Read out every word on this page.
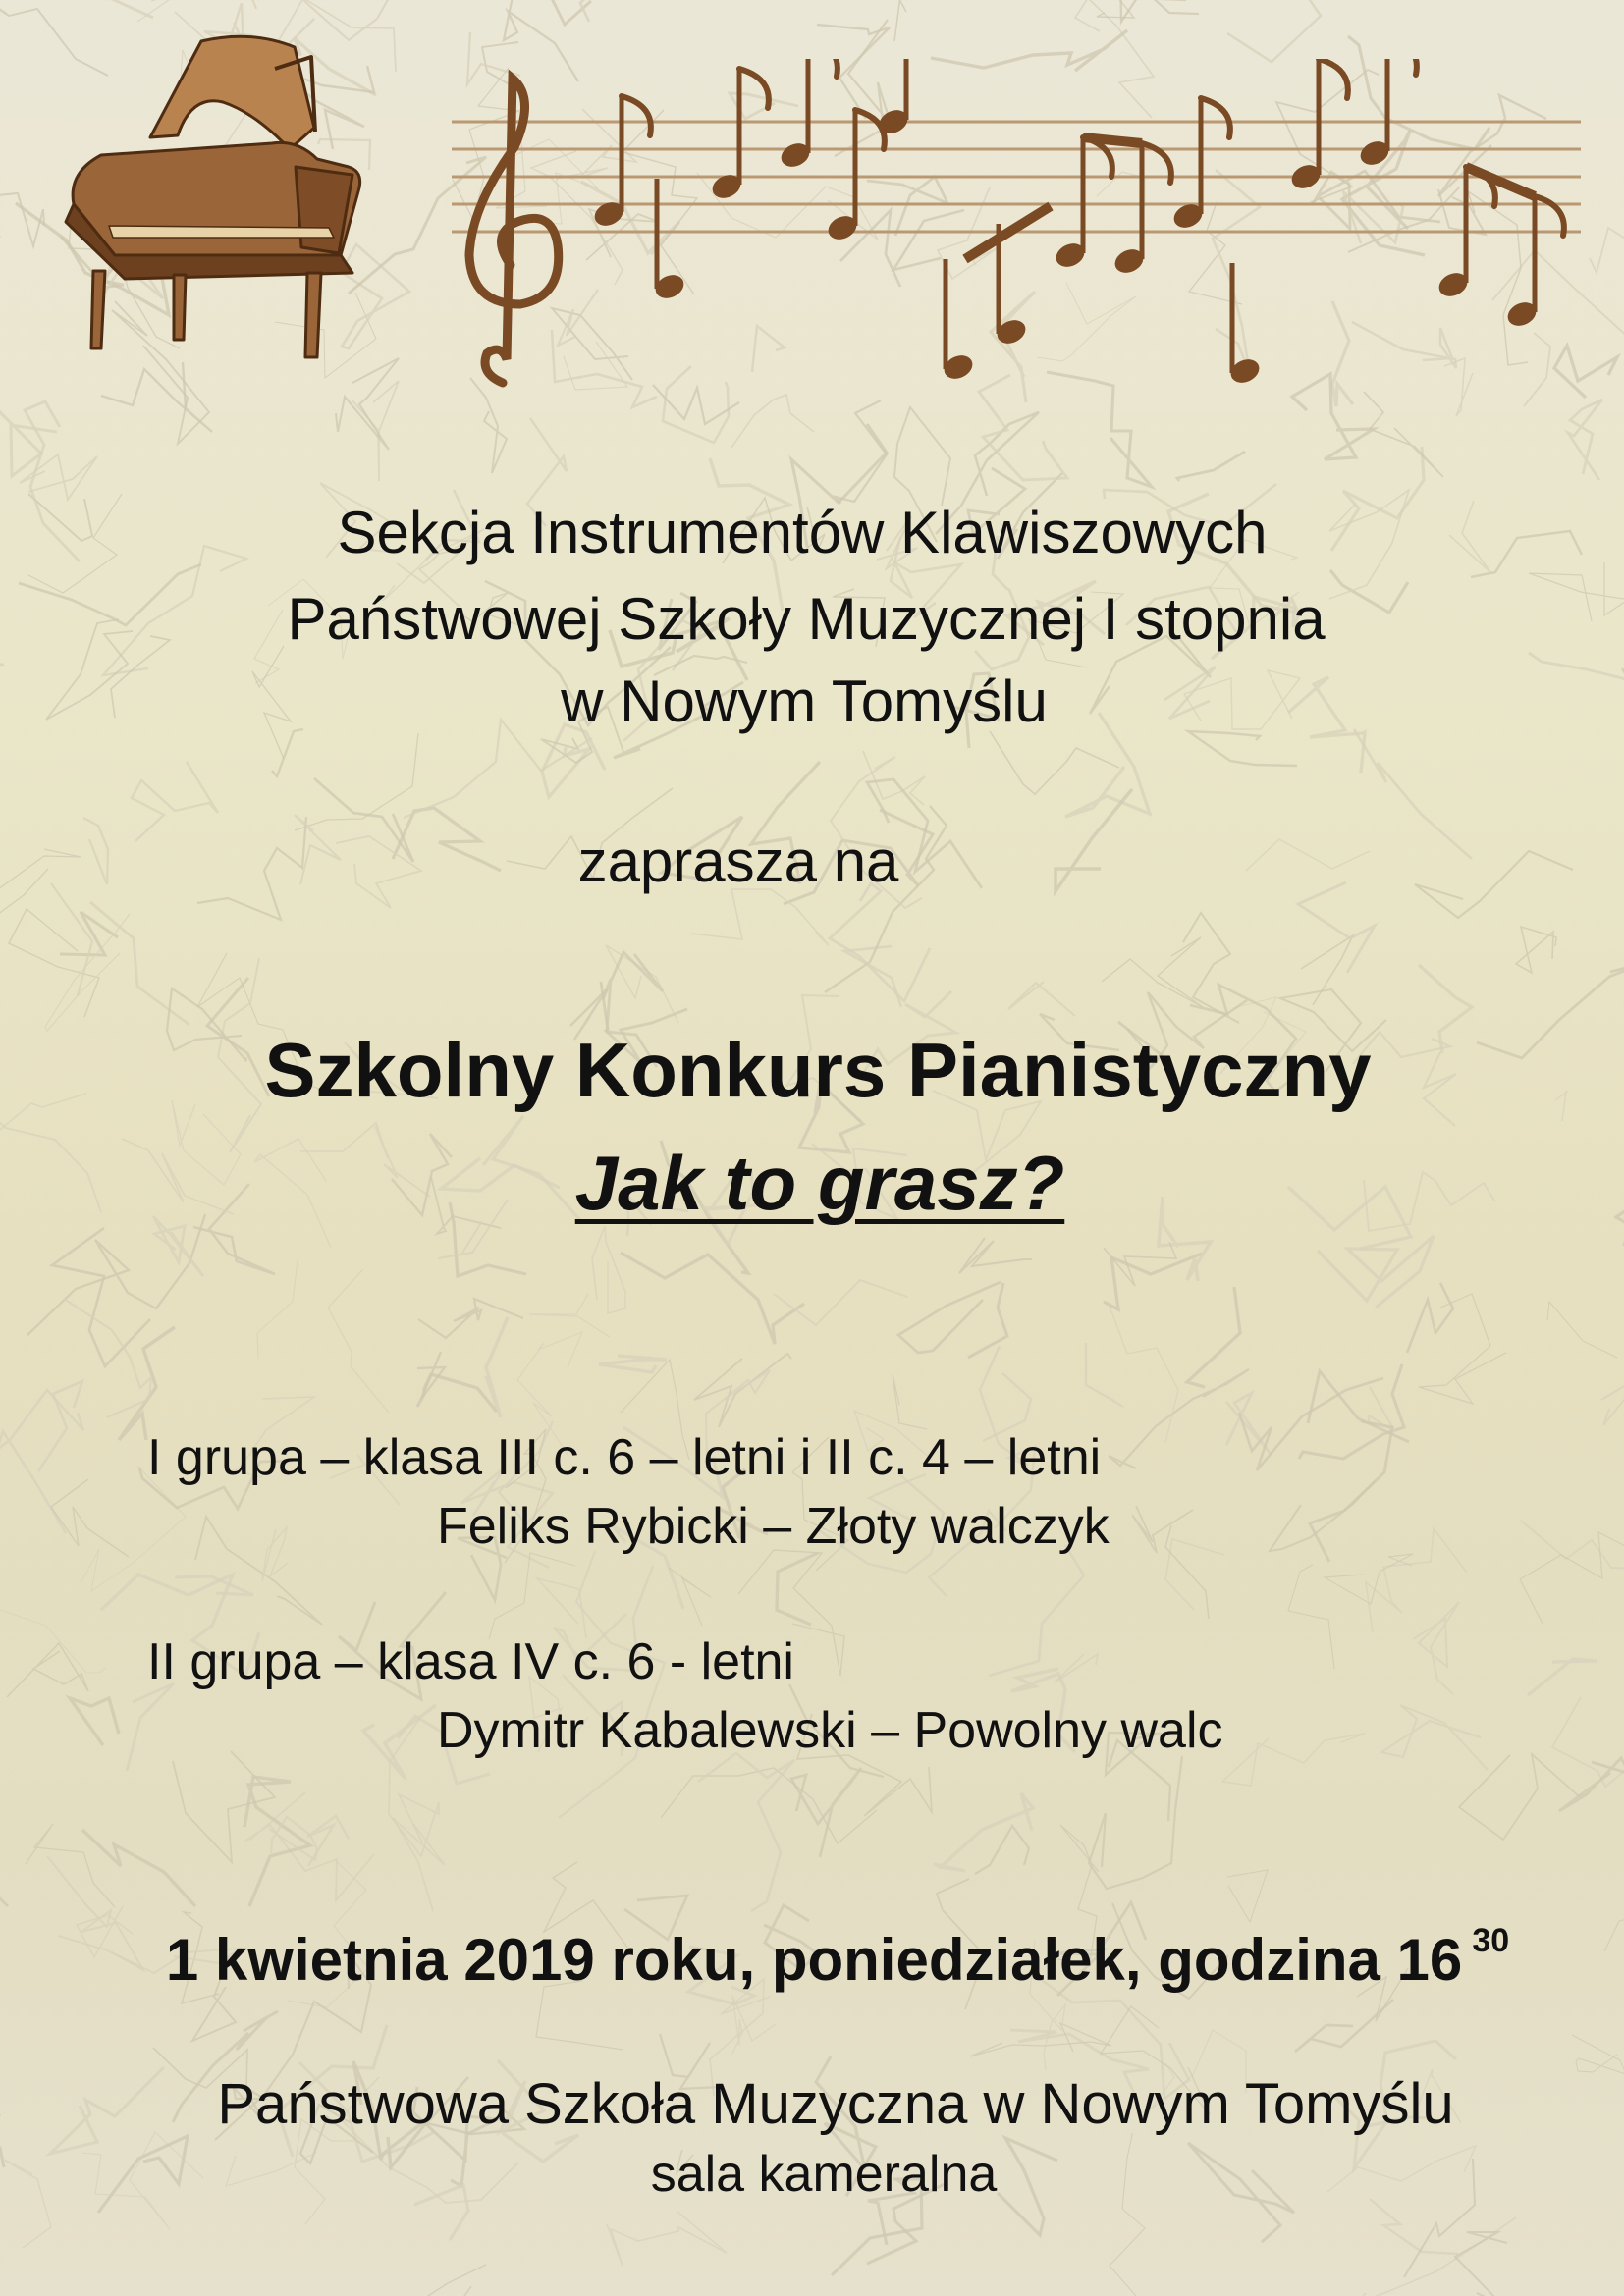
Sekcja Instrumentów Klawiszowych
Państwowej Szkoły Muzycznej I stopnia
w Nowym Tomyślu
zaprasza na
Szkolny Konkurs Pianistyczny
Jak to grasz?
I grupa – klasa III c. 6 – letni i II c. 4 – letni
Feliks Rybicki – Złoty walczyk
II grupa – klasa IV c. 6 - letni
Dymitr Kabalewski – Powolny walc
1 kwietnia 2019 roku, poniedziałek, godzina 16 $^{30}$
Państwowa Szkoła Muzyczna w Nowym Tomyślu
sala kameralna
